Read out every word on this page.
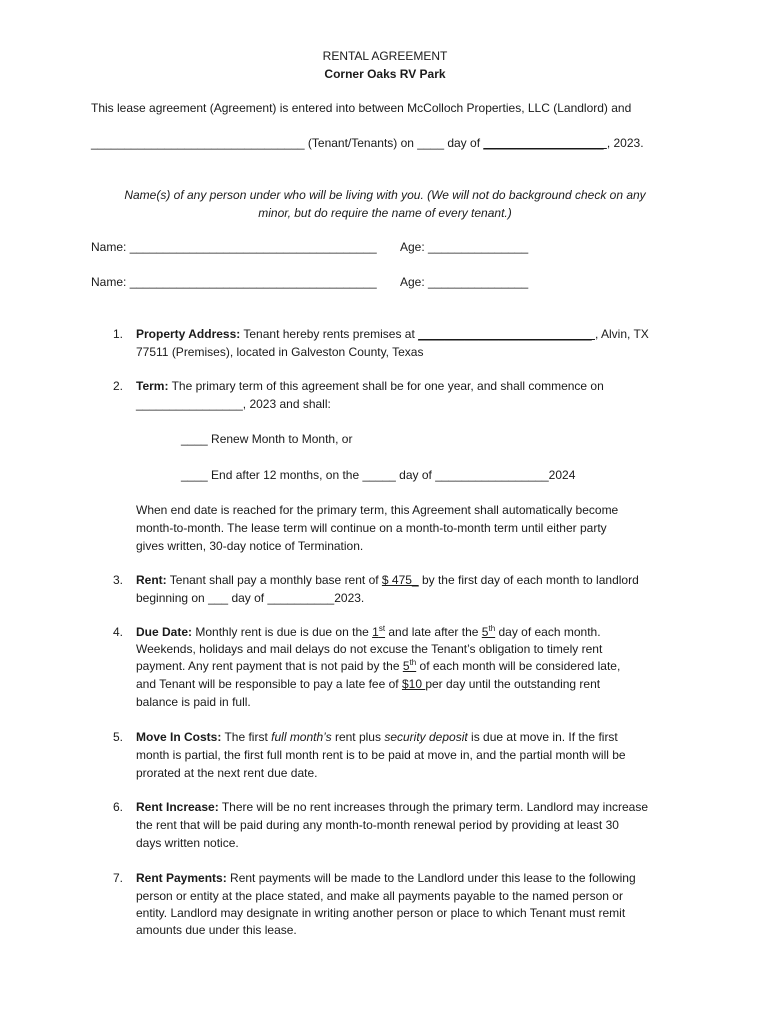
RENTAL AGREEMENT
Corner Oaks RV Park
This lease agreement (Agreement) is entered into between McColloch Properties, LLC (Landlord) and
________________________________ (Tenant/Tenants) on ____ day of __________________ , 2023.
Name(s) of any person under who will be living with you. (We will not do background check on any
minor, but do require the name of every tenant.)
Name: _____________________________________ Age: _______________
Name: _____________________________________ Age: _______________
1. Property Address: Tenant hereby rents premises at __________________________ , Alvin, TX
77511 (Premises), located in Galveston County, Texas
2. Term: The primary term of this agreement shall be for one year, and shall commence on
________________, 2023 and shall:
____ Renew Month to Month, or
____ End after 12 months, on the _____ day of _________________2024
When end date is reached for the primary term, this Agreement shall automatically become
month-to-month. The lease term will continue on a month-to-month term until either party
gives written, 30-day notice of Termination.
3. Rent: Tenant shall pay a monthly base rent of $ 475_ by the first day of each month to landlord
beginning on ___ day of __________2023.
4. Due Date: Monthly rent is due is due on the 1st and late after the 5th day of each month.
Weekends, holidays and mail delays do not excuse the Tenant’s obligation to timely rent
payment. Any rent payment that is not paid by the 5th of each month will be considered late,
and Tenant will be responsible to pay a late fee of $10 per day until the outstanding rent
balance is paid in full.
5. Move In Costs: The first full month’s rent plus security deposit is due at move in. If the first
month is partial, the first full month rent is to be paid at move in, and the partial month will be
prorated at the next rent due date.
6. Rent Increase: There will be no rent increases through the primary term. Landlord may increase
the rent that will be paid during any month-to-month renewal period by providing at least 30
days written notice.
7. Rent Payments: Rent payments will be made to the Landlord under this lease to the following
person or entity at the place stated, and make all payments payable to the named person or
entity. Landlord may designate in writing another person or place to which Tenant must remit
amounts due under this lease.
